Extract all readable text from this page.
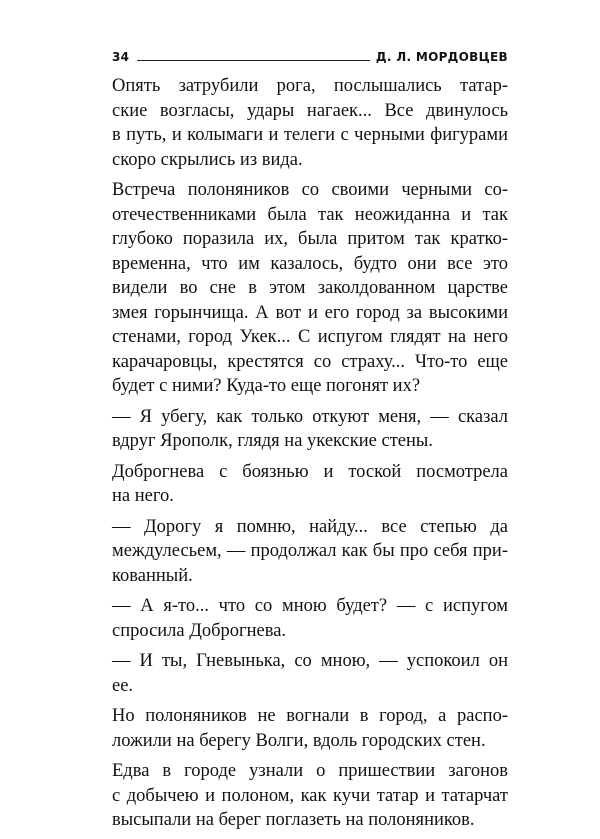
34	Д. Л. МОРДОВЦЕВ

Опять затрубили рога, послышались татар-
ские возгласы, удары нагаек... Все двинулось
в путь, и колымаги и телеги с черными фигурами
скоро скрылись из вида.

Встреча полоняников со своими черными со-
отечественниками была так неожиданна и так
глубоко поразила их, была притом так кратко-
временна, что им казалось, будто они все это
видели во сне в этом заколдованном царстве
змея горынчища. А вот и его город за высокими
стенами, город Укек... С испугом глядят на него
карачаровцы, крестятся со страху... Что-то еще
будет с ними? Куда-то еще погонят их?

— Я убегу, как только откуют меня, — сказал
вдруг Ярополк, глядя на укекские стены.

Доброгнева с боязнью и тоской посмотрела
на него.

— Дорогу я помню, найду... все степью да
междулесьем, — продолжал как бы про себя при-
кованный.

— А я-то... что со мною будет? — с испугом
спросила Доброгнева.

— И ты, Гневынька, со мною, — успокоил он
ее.

Но полоняников не вогнали в город, а распо-
ложили на берегу Волги, вдоль городских стен.

Едва в городе узнали о пришествии загонов
с добычею и полоном, как кучи татар и татарчат
высыпали на берег поглазеть на полоняников.
